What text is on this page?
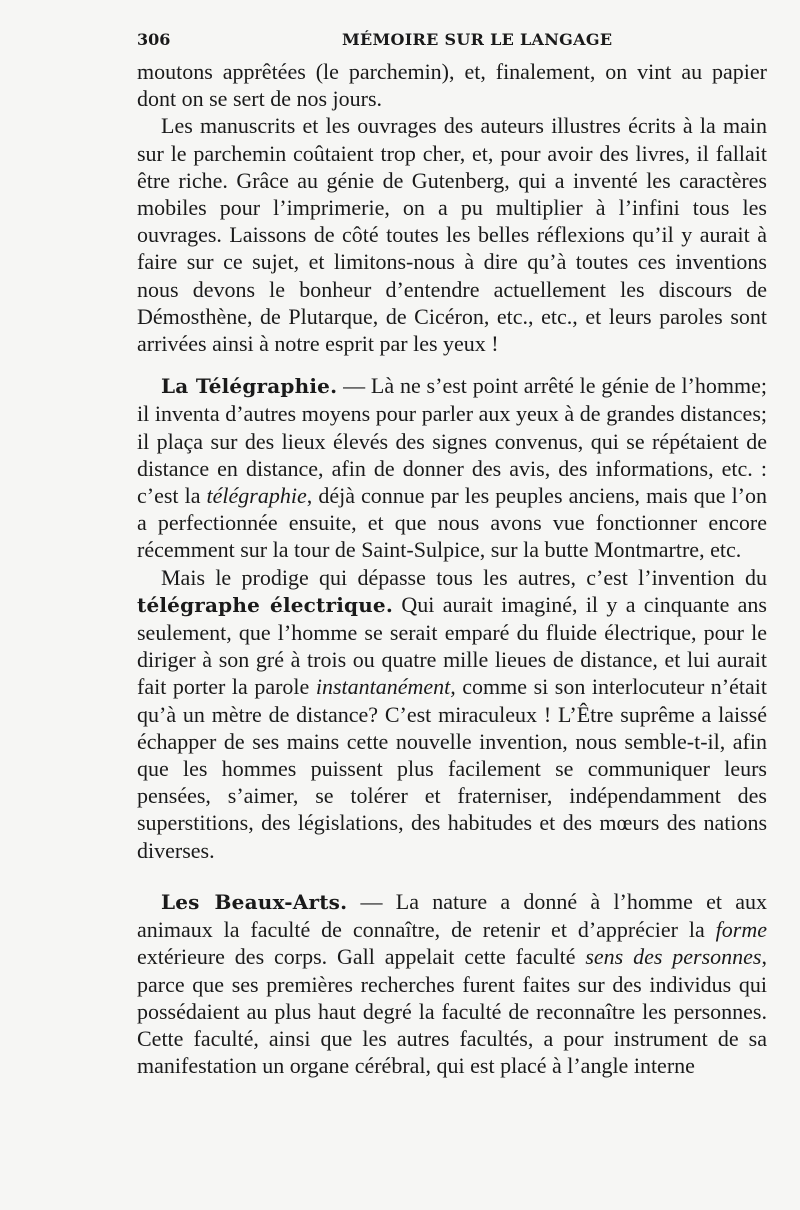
306	MÉMOIRE SUR LE LANGAGE

moutons apprêtées (le parchemin), et, finalement, on vint au papier dont on se sert de nos jours.

Les manuscrits et les ouvrages des auteurs illustres écrits à la main sur le parchemin coûtaient trop cher, et, pour avoir des livres, il fallait être riche. Grâce au génie de Gutenberg, qui a inventé les caractères mobiles pour l’imprimerie, on a pu multiplier à l’infini tous les ouvrages. Laissons de côté toutes les belles réflexions qu’il y aurait à faire sur ce sujet, et limitons-nous à dire qu’à toutes ces inventions nous devons le bonheur d’entendre actuellement les discours de Démosthène, de Plutarque, de Cicéron, etc., etc., et leurs paroles sont arrivées ainsi à notre esprit par les yeux !

La Télégraphie. — Là ne s’est point arrêté le génie de l’homme; il inventa d’autres moyens pour parler aux yeux à de grandes distances; il plaça sur des lieux élevés des signes convenus, qui se répétaient de distance en distance, afin de donner des avis, des informations, etc. : c’est la télégraphie, déjà connue par les peuples anciens, mais que l’on a perfectionnée ensuite, et que nous avons vue fonctionner encore récemment sur la tour de Saint-Sulpice, sur la butte Montmartre, etc.

Mais le prodige qui dépasse tous les autres, c’est l’invention du télégraphe électrique. Qui aurait imaginé, il y a cinquante ans seulement, que l’homme se serait emparé du fluide électrique, pour le diriger à son gré à trois ou quatre mille lieues de distance, et lui aurait fait porter la parole instantanément, comme si son interlocuteur n’était qu’à un mètre de distance? C’est miraculeux ! L’Être suprême a laissé échapper de ses mains cette nouvelle invention, nous semble-t-il, afin que les hommes puissent plus facilement se communiquer leurs pensées, s’aimer, se tolérer et fraterniser, indépendamment des superstitions, des législations, des habitudes et des mœurs des nations diverses.

Les Beaux-Arts. — La nature a donné à l’homme et aux animaux la faculté de connaître, de retenir et d’apprécier la forme extérieure des corps. Gall appelait cette faculté sens des personnes, parce que ses premières recherches furent faites sur des individus qui possédaient au plus haut degré la faculté de reconnaître les personnes. Cette faculté, ainsi que les autres facultés, a pour instrument de sa manifestation un organe cérébral, qui est placé à l’angle interne
